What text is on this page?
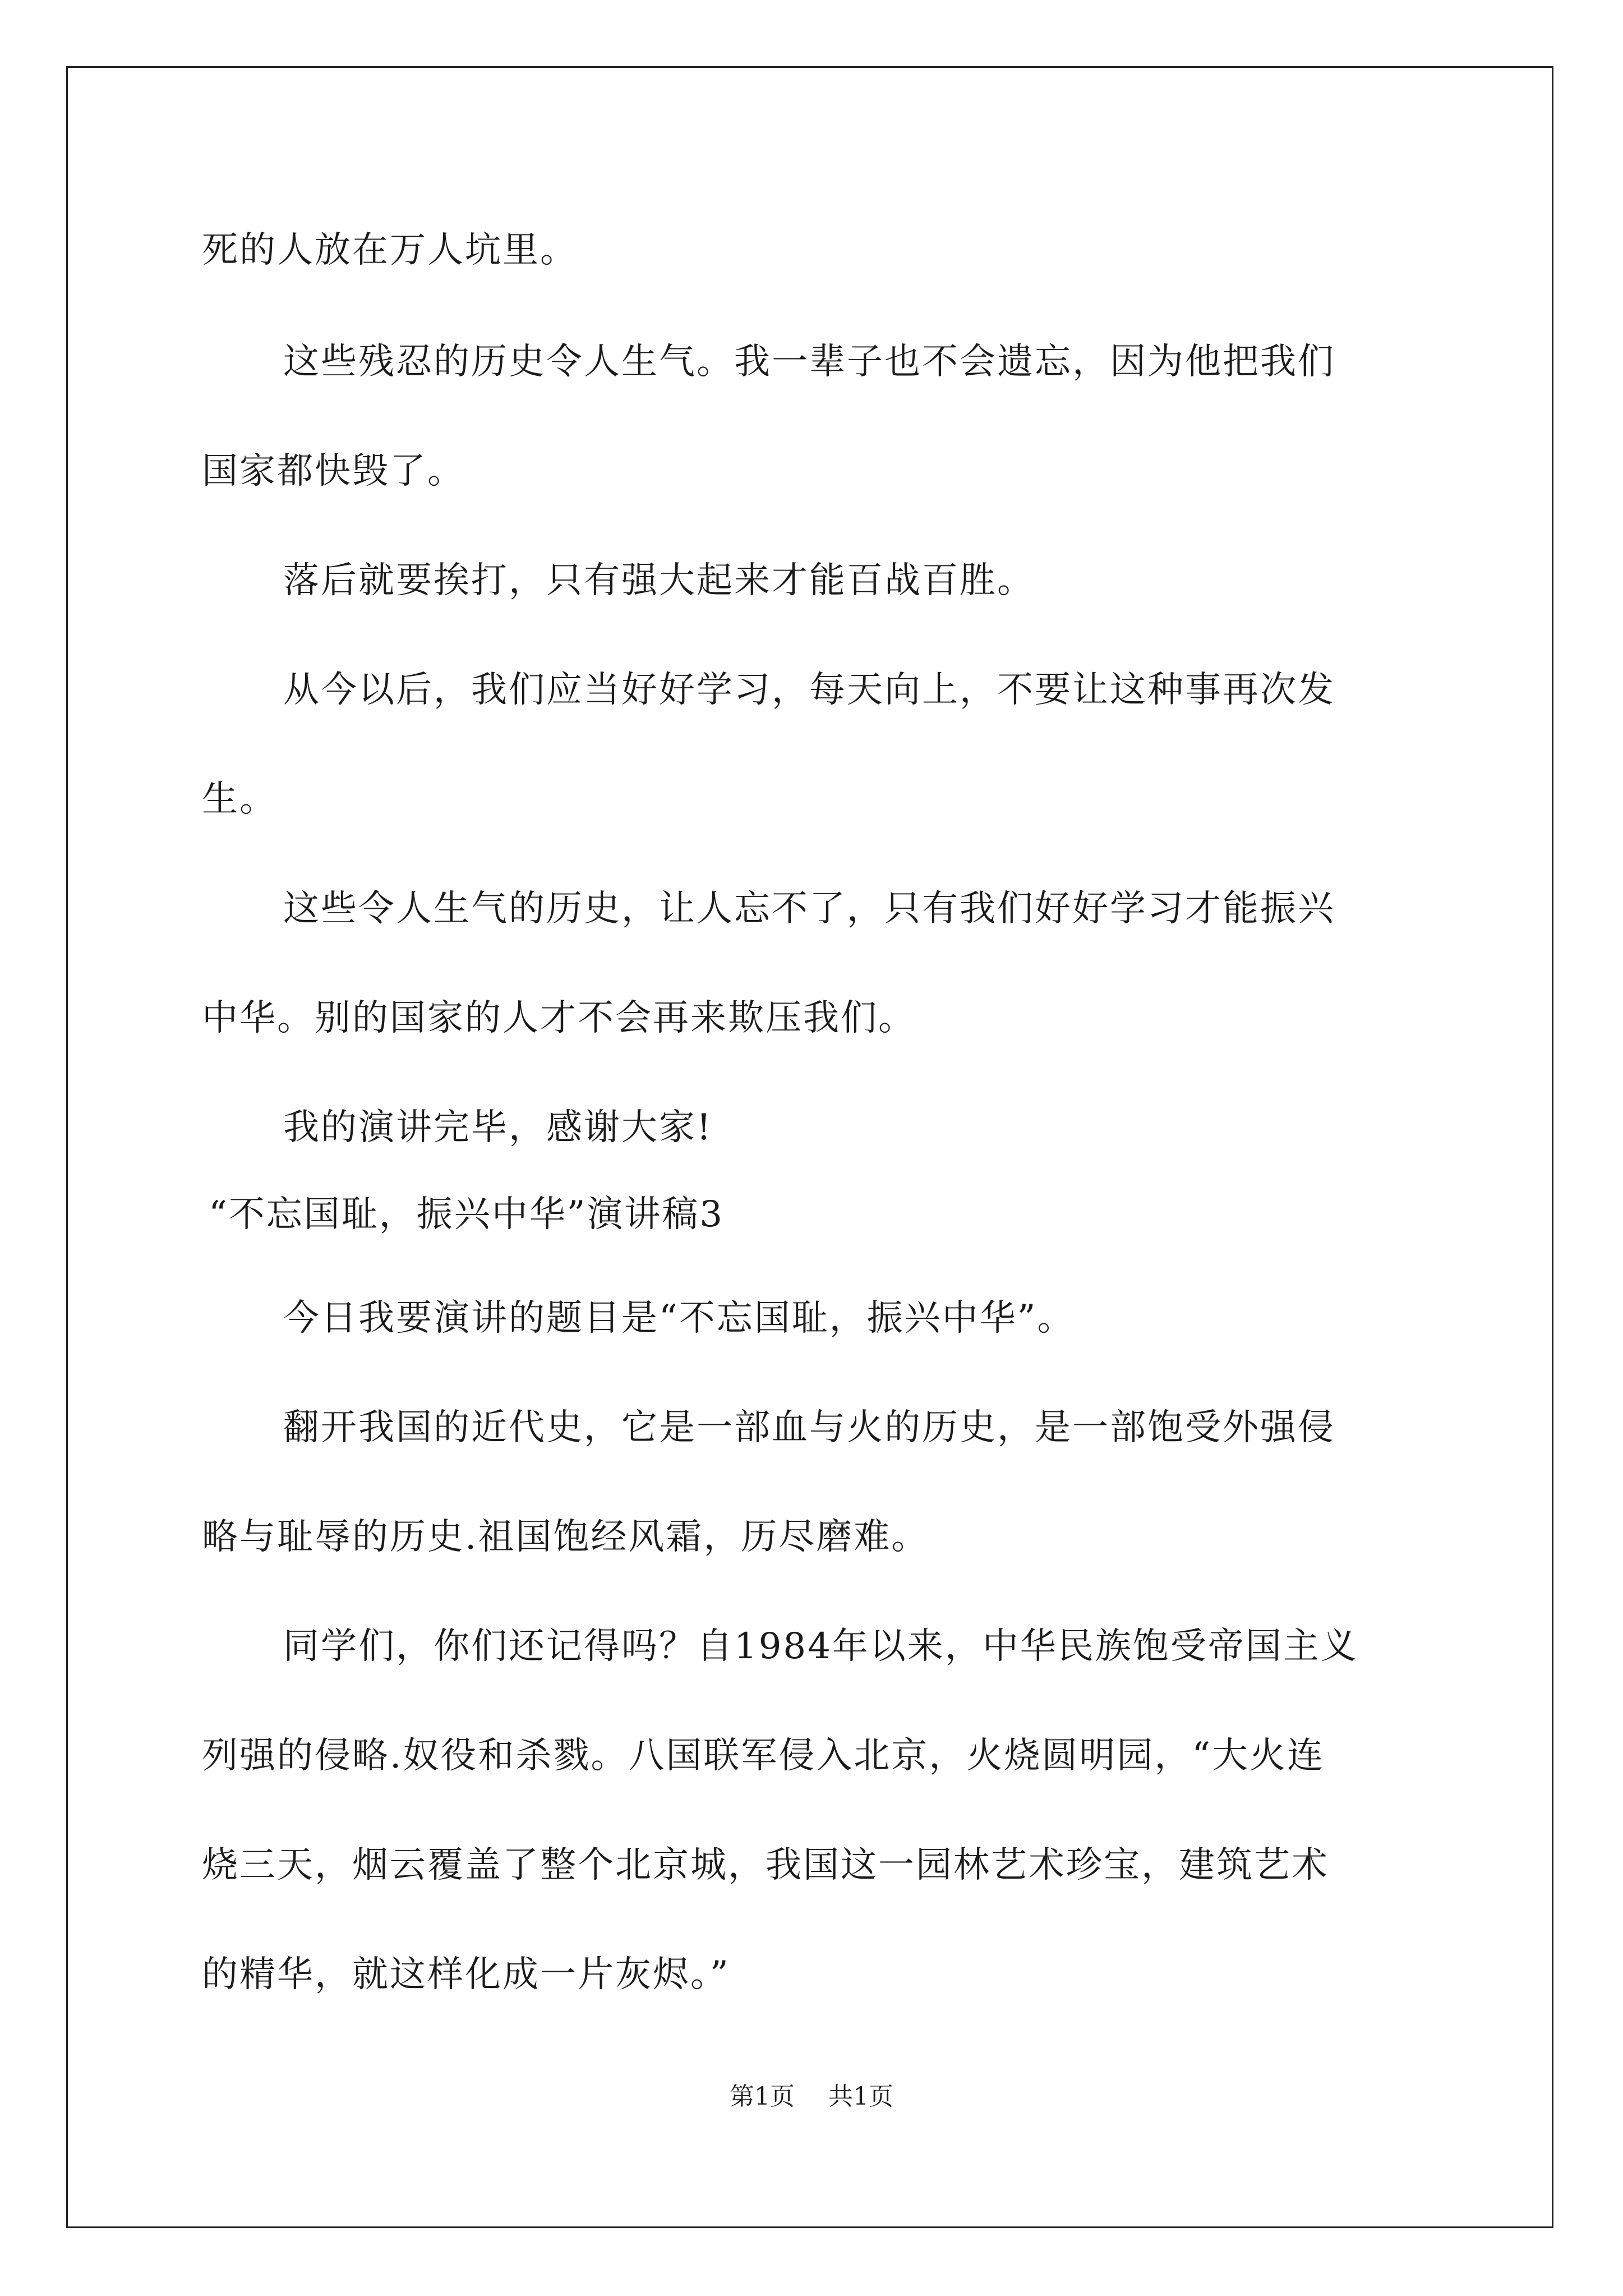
死的人放在万人坑里。
这些残忍的历史令人生气。我一辈子也不会遗忘，因为他把我们
国家都快毁了。
落后就要挨打，只有强大起来才能百战百胜。
从今以后，我们应当好好学习，每天向上，不要让这种事再次发
生。
这些令人生气的历史，让人忘不了，只有我们好好学习才能振兴
中华。别的国家的人才不会再来欺压我们。
我的演讲完毕，感谢大家!
“不忘国耻，振兴中华”演讲稿3
今日我要演讲的题目是“不忘国耻，振兴中华”。
翻开我国的近代史，它是一部血与火的历史，是一部饱受外强侵
略与耻辱的历史.祖国饱经风霜，历尽磨难。
同学们，你们还记得吗？自1984年以来，中华民族饱受帝国主义
列强的侵略.奴役和杀戮。八国联军侵入北京，火烧圆明园，“大火连
烧三天，烟云覆盖了整个北京城，我国这一园林艺术珍宝，建筑艺术
的精华，就这样化成一片灰烬。”
第1页 共1页
